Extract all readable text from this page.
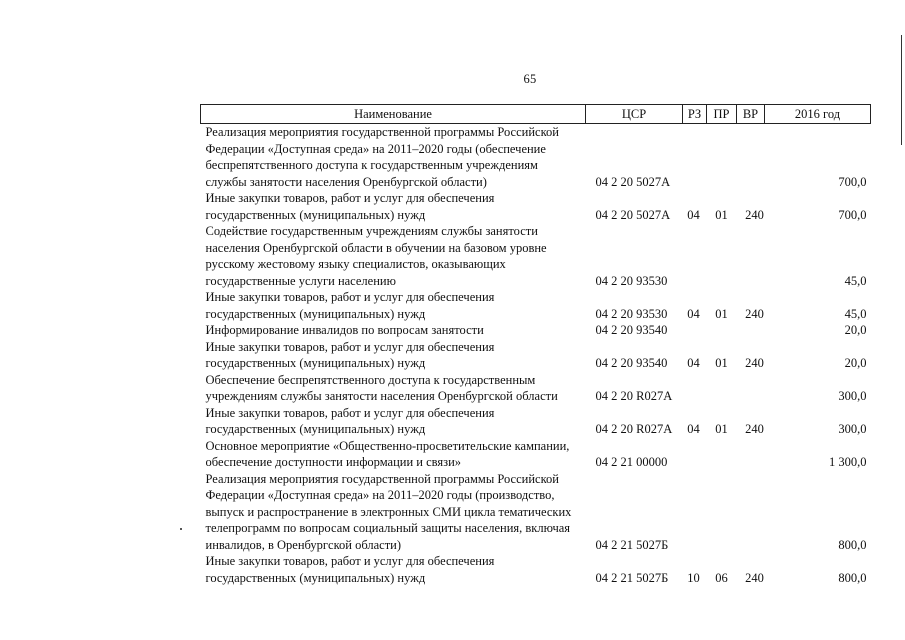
65
Наименование	ЦСР	РЗ	ПР	ВР	2016 год

Реализация мероприятия государственной программы Российской
Федерации «Доступная среда» на 2011–2020 годы (обеспечение
беспрепятственного доступа к государственным учреждениям
службы занятости населения Оренбургской области)	04 2 20 5027А				700,0

Иные закупки товаров, работ и услуг для обеспечения
государственных (муниципальных) нужд	04 2 20 5027А	04	01	240	700,0

Содействие государственным учреждениям службы занятости
населения Оренбургской области в обучении на базовом уровне
русскому жестовому языку специалистов, оказывающих
государственные услуги населению	04 2 20 93530				45,0

Иные закупки товаров, работ и услуг для обеспечения
государственных (муниципальных) нужд	04 2 20 93530	04	01	240	45,0

Информирование инвалидов по вопросам занятости	04 2 20 93540				20,0

Иные закупки товаров, работ и услуг для обеспечения
государственных (муниципальных) нужд	04 2 20 93540	04	01	240	20,0

Обеспечение беспрепятственного доступа к государственным
учреждениям службы занятости населения Оренбургской области	04 2 20 R027А				300,0

Иные закупки товаров, работ и услуг для обеспечения
государственных (муниципальных) нужд	04 2 20 R027А	04	01	240	300,0

Основное мероприятие «Общественно-просветительские кампании,
обеспечение доступности информации и связи»	04 2 21 00000				1 300,0

Реализация мероприятия государственной программы Российской
Федерации «Доступная среда» на 2011–2020 годы (производство,
выпуск и распространение в электронных СМИ цикла тематических
телепрограмм по вопросам социальный защиты населения, включая
инвалидов, в Оренбургской области)	04 2 21 5027Б				800,0

Иные закупки товаров, работ и услуг для обеспечения
государственных (муниципальных) нужд	04 2 21 5027Б	10	06	240	800,0
